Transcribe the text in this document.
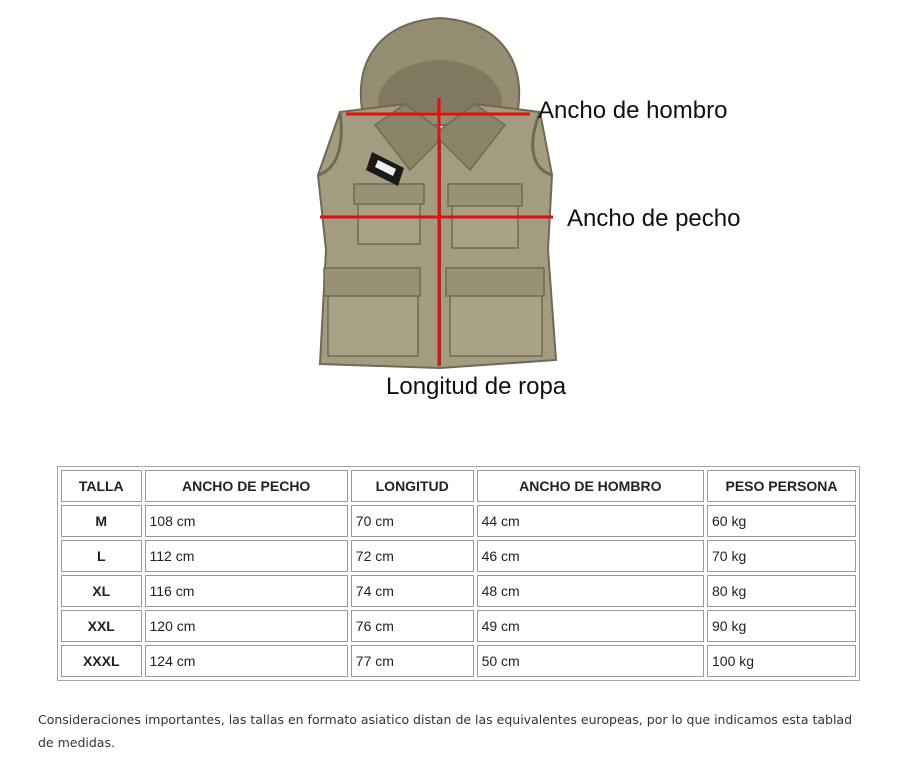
Ancho de hombro
Ancho de pecho
Longitud de ropa
TALLA	ANCHO DE PECHO	LONGITUD	ANCHO DE HOMBRO	PESO PERSONA
M	108 cm	70 cm	44 cm	60 kg
L	112 cm	72 cm	46 cm	70 kg
XL	116 cm	74 cm	48 cm	80 kg
XXL	120 cm	76 cm	49 cm	90 kg
XXXL	124 cm	77 cm	50 cm	100 kg
Consideraciones importantes, las tallas en formato asiatico distan de las equivalentes europeas, por lo que indicamos esta tablad de medidas.
